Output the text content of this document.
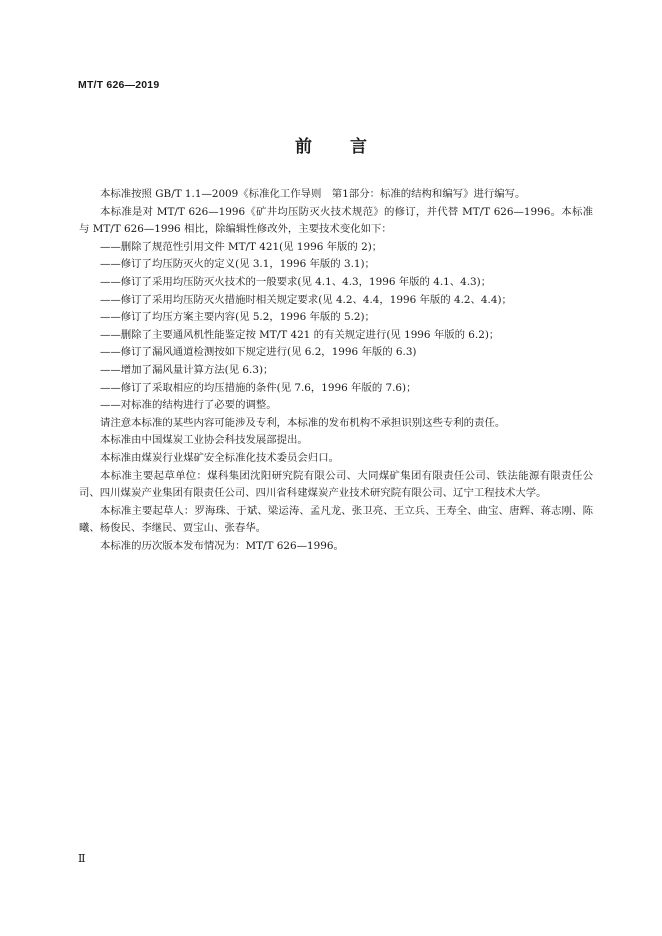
MT/T 626—2019
前 言

本标准按照 GB/T 1.1—2009《标准化工作导则　第1部分：标准的结构和编写》进行编写。

本标准是对 MT/T 626—1996《矿井均压防灭火技术规范》的修订，并代替 MT/T 626—1996。本标准与 MT/T 626—1996 相比，除编辑性修改外，主要技术变化如下：

——删除了规范性引用文件 MT/T 421(见 1996 年版的 2)；

——修订了均压防灭火的定义(见 3.1，1996 年版的 3.1)；

——修订了采用均压防灭火技术的一般要求(见 4.1、4.3，1996 年版的 4.1、4.3)；

——修订了采用均压防灭火措施时相关规定要求(见 4.2、4.4，1996 年版的 4.2、4.4)；

——修订了均压方案主要内容(见 5.2，1996 年版的 5.2)；

——删除了主要通风机性能鉴定按 MT/T 421 的有关规定进行(见 1996 年版的 6.2)；

——修订了漏风通道检测按如下规定进行(见 6.2，1996 年版的 6.3)

——增加了漏风量计算方法(见 6.3)；

——修订了采取相应的均压措施的条件(见 7.6，1996 年版的 7.6)；

——对标准的结构进行了必要的调整。

请注意本标准的某些内容可能涉及专利，本标准的发布机构不承担识别这些专利的责任。

本标准由中国煤炭工业协会科技发展部提出。

本标准由煤炭行业煤矿安全标准化技术委员会归口。

本标准主要起草单位：煤科集团沈阳研究院有限公司、大同煤矿集团有限责任公司、铁法能源有限责任公司、四川煤炭产业集团有限责任公司、四川省科建煤炭产业技术研究院有限公司、辽宁工程技术大学。

本标准主要起草人：罗海珠、于斌、梁运涛、孟凡龙、张卫亮、王立兵、王寿全、曲宝、唐辉、蒋志刚、陈曦、杨俊民、李继民、贾宝山、张春华。

本标准的历次版本发布情况为：MT/T 626—1996。

Ⅱ
